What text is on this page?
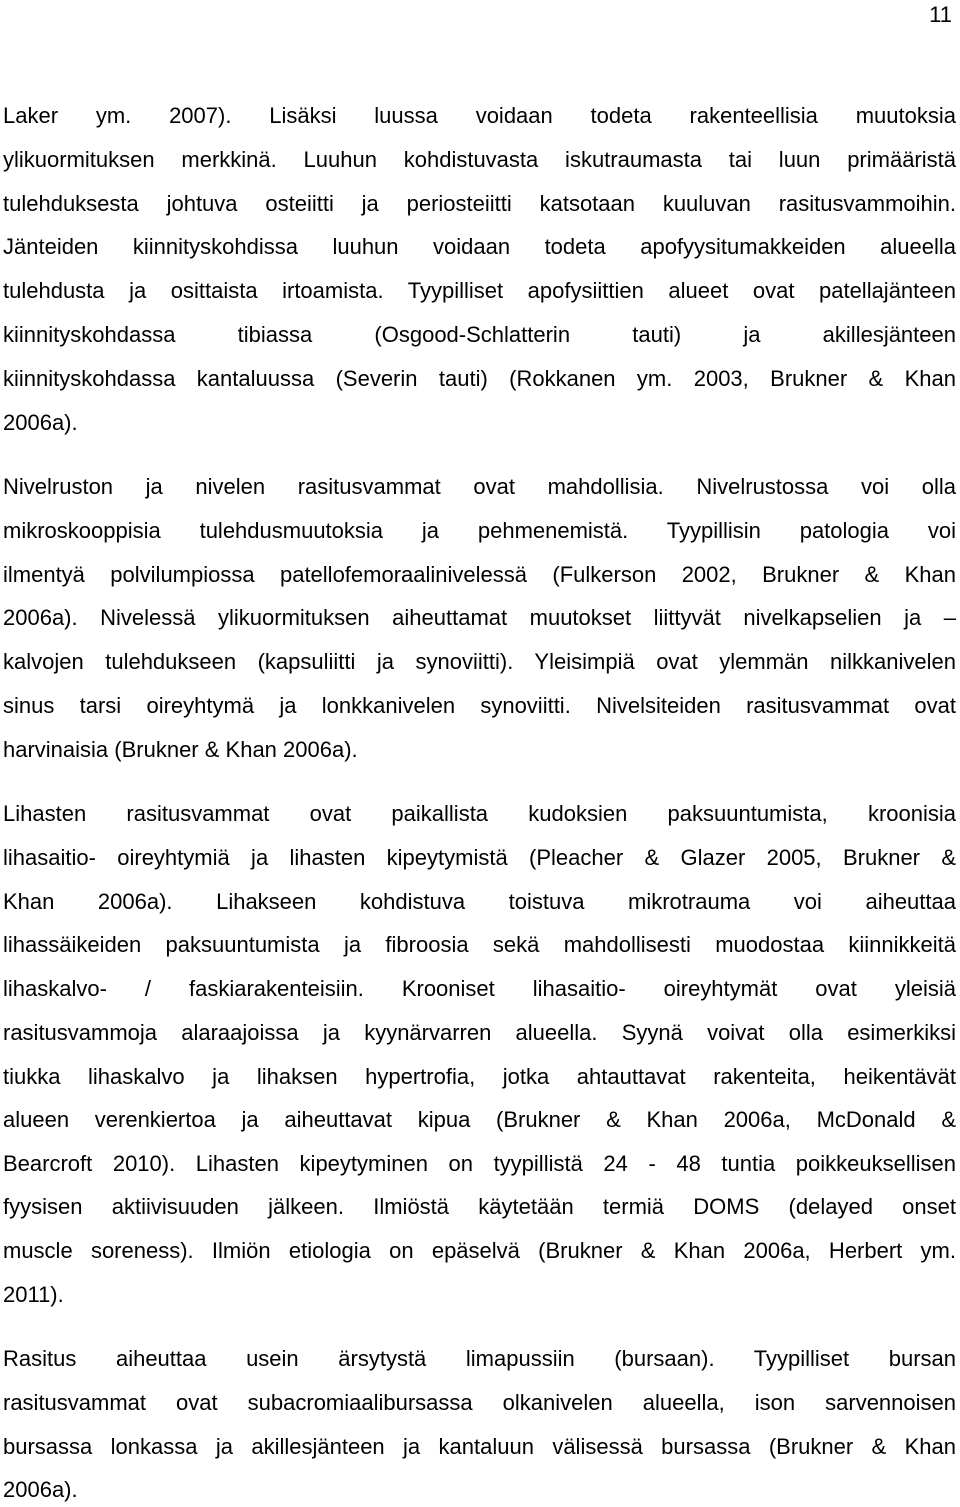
11
Laker ym. 2007). Lisäksi luussa voidaan todeta rakenteellisia muutoksia
ylikuormituksen merkkinä. Luuhun kohdistuvasta iskutraumasta tai luun primääristä
tulehduksesta johtuva osteiitti ja periosteiitti katsotaan kuuluvan rasitusvammoihin.
Jänteiden kiinnityskohdissa luuhun voidaan todeta apofyysitumakkeiden alueella
tulehdusta ja osittaista irtoamista. Tyypilliset apofysiittien alueet ovat patellajänteen
kiinnityskohdassa tibiassa (Osgood-Schlatterin tauti) ja akillesjänteen
kiinnityskohdassa kantaluussa (Severin tauti) (Rokkanen ym. 2003, Brukner & Khan
2006a).
Nivelruston ja nivelen rasitusvammat ovat mahdollisia. Nivelrustossa voi olla
mikroskooppisia tulehdusmuutoksia ja pehmenemistä. Tyypillisin patologia voi
ilmentyä polvilumpiossa patellofemoraalinivelessä (Fulkerson 2002, Brukner & Khan
2006a). Nivelessä ylikuormituksen aiheuttamat muutokset liittyvät nivelkapselien ja –
kalvojen tulehdukseen (kapsuliitti ja synoviitti). Yleisimpiä ovat ylemmän nilkkanivelen
sinus tarsi oireyhtymä ja lonkkanivelen synoviitti. Nivelsiteiden rasitusvammat ovat
harvinaisia (Brukner & Khan 2006a).
Lihasten rasitusvammat ovat paikallista kudoksien paksuuntumista, kroonisia
lihasaitio- oireyhtymiä ja lihasten kipeytymistä (Pleacher & Glazer 2005, Brukner &
Khan 2006a). Lihakseen kohdistuva toistuva mikrotrauma voi aiheuttaa
lihassäikeiden paksuuntumista ja fibroosia sekä mahdollisesti muodostaa kiinnikkeitä
lihaskalvo- / faskiarakenteisiin. Krooniset lihasaitio- oireyhtymät ovat yleisiä
rasitusvammoja alaraajoissa ja kyynärvarren alueella. Syynä voivat olla esimerkiksi
tiukka lihaskalvo ja lihaksen hypertrofia, jotka ahtauttavat rakenteita, heikentävät
alueen verenkiertoa ja aiheuttavat kipua (Brukner & Khan 2006a, McDonald &
Bearcroft 2010). Lihasten kipeytyminen on tyypillistä 24 - 48 tuntia poikkeuksellisen
fyysisen aktiivisuuden jälkeen. Ilmiöstä käytetään termiä DOMS (delayed onset
muscle soreness). Ilmiön etiologia on epäselvä (Brukner & Khan 2006a, Herbert ym.
2011).
Rasitus aiheuttaa usein ärsytystä limapussiin (bursaan). Tyypilliset bursan
rasitusvammat ovat subacromiaalibursassa olkanivelen alueella, ison sarvennoisen
bursassa lonkassa ja akillesjänteen ja kantaluun välisessä bursassa (Brukner & Khan
2006a).
